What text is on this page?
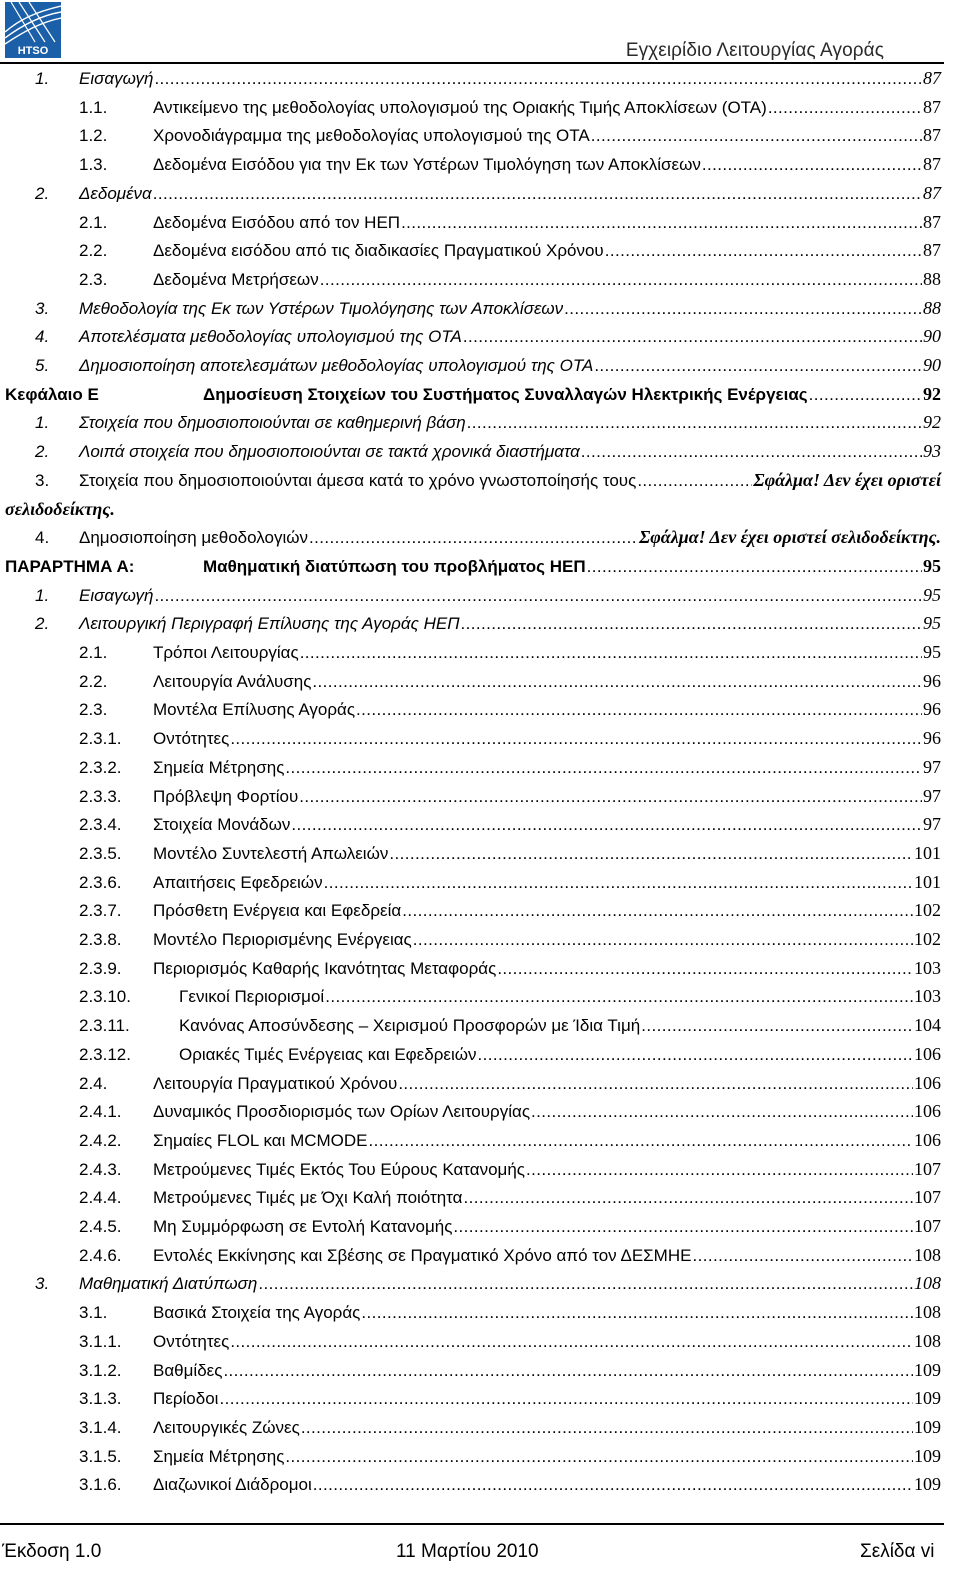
HTSO	Εγχειρίδιο Λειτουργίας Αγοράς
1. Εισαγωγή .....	87
1.1.	Αντικείμενο της μεθοδολογίας υπολογισμού της Οριακής Τιμής Αποκλίσεων (ΟΤΑ) .....	87
1.2.	Χρονοδιάγραμμα της μεθοδολογίας υπολογισμού της ΟΤΑ .....	87
1.3.	Δεδομένα Εισόδου για την Εκ των Υστέρων Τιμολόγηση των Αποκλίσεων .....	87
2. Δεδομένα .....	87
2.1.	Δεδομένα Εισόδου από τον ΗΕΠ .....	87
2.2.	Δεδομένα εισόδου από τις διαδικασίες Πραγματικού Χρόνου .....	87
2.3.	Δεδομένα Μετρήσεων .....	88
3. Μεθοδολογία της Εκ των Υστέρων Τιμολόγησης των Αποκλίσεων .....	88
4. Αποτελέσματα μεθοδολογίας υπολογισμού της ΟΤΑ .....	90
5. Δημοσιοποίηση αποτελεσμάτων μεθοδολογίας υπολογισμού της ΟΤΑ .....	90
Κεφάλαιο Ε	Δημοσίευση Στοιχείων του Συστήματος Συναλλαγών Ηλεκτρικής Ενέργειας .....	92
1. Στοιχεία που δημοσιοποιούνται σε καθημερινή βάση .....	92
2. Λοιπά στοιχεία που δημοσιοποιούνται σε τακτά χρονικά διαστήματα .....	93
3. Στοιχεία που δημοσιοποιούνται άμεσα κατά το χρόνο γνωστοποίησής τους .....	Σφάλμα! Δεν έχει οριστεί
σελιδοδείκτης.
4. Δημοσιοποίηση μεθοδολογιών .....	Σφάλμα! Δεν έχει οριστεί σελιδοδείκτης.
ΠΑΡΑΡΤΗΜΑ Α:	Μαθηματική διατύπωση του προβλήματος ΗΕΠ .....	95
1. Εισαγωγή .....	95
2. Λειτουργική Περιγραφή Επίλυσης της Αγοράς ΗΕΠ .....	95
2.1.	Τρόποι Λειτουργίας .....	95
2.2.	Λειτουργία Ανάλυσης .....	96
2.3.	Μοντέλα Επίλυσης Αγοράς .....	96
2.3.1. Οντότητες .....	96
2.3.2. Σημεία Μέτρησης .....	97
2.3.3. Πρόβλεψη Φορτίου .....	97
2.3.4. Στοιχεία Μονάδων .....	97
2.3.5. Μοντέλο Συντελεστή Απωλειών .....	101
2.3.6. Απαιτήσεις Εφεδρειών .....	101
2.3.7. Πρόσθετη Ενέργεια και Εφεδρεία .....	102
2.3.8. Μοντέλο Περιορισμένης Ενέργειας .....	102
2.3.9. Περιορισμός Καθαρής Ικανότητας Μεταφοράς .....	103
2.3.10.	Γενικοί Περιορισμοί .....	103
2.3.11.	Κανόνας Αποσύνδεσης – Χειρισμού Προσφορών με Ίδια Τιμή .....	104
2.3.12.	Οριακές Τιμές Ενέργειας και Εφεδρειών .....	106
2.4.	Λειτουργία Πραγματικού Χρόνου .....	106
2.4.1. Δυναμικός Προσδιορισμός των Ορίων Λειτουργίας .....	106
2.4.2. Σημαίες FLOL και MCMODE .....	106
2.4.3. Μετρούμενες Τιμές Εκτός Του Εύρους Κατανομής .....	107
2.4.4. Μετρούμενες Τιμές με Όχι Καλή ποιότητα .....	107
2.4.5. Μη Συμμόρφωση σε Εντολή Κατανομής .....	107
2.4.6. Εντολές Εκκίνησης και Σβέσης σε Πραγματικό Χρόνο από τον ΔΕΣΜΗΕ .....	108
3. Μαθηματική Διατύπωση .....	108
3.1.	Βασικά Στοιχεία της Αγοράς .....	108
3.1.1. Οντότητες .....	108
3.1.2. Βαθμίδες .....	109
3.1.3. Περίοδοι .....	109
3.1.4. Λειτουργικές Ζώνες .....	109
3.1.5. Σημεία Μέτρησης .....	109
3.1.6. Διαζωνικοί Διάδρομοι .....	109
Έκδοση 1.0	11 Μαρτίου 2010	Σελίδα vi
